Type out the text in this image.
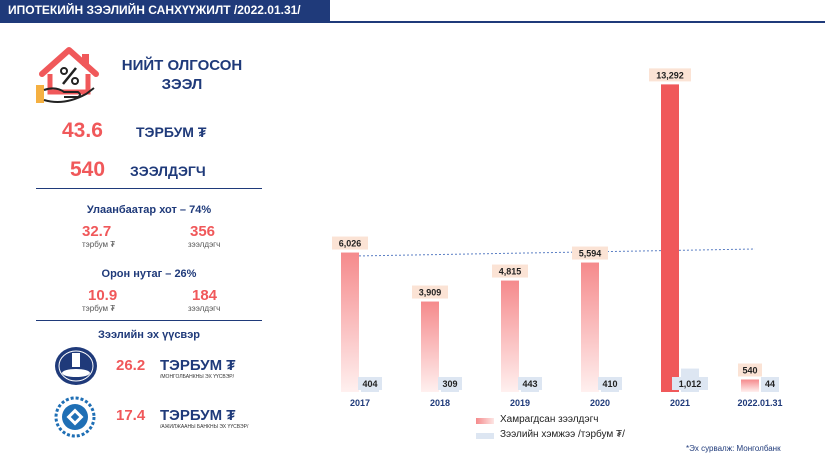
ИПОТЕКИЙН ЗЭЭЛИЙН САНХҮҮЖИЛТ /2022.01.31/
НИЙТ ОЛГОСОН
ЗЭЭЛ
43.6 ТЭРБУМ ₮
540 ЗЭЭЛДЭГЧ
Улаанбаатар хот – 74%
32.7
тэрбум ₮
356
зээлдэгч
Орон нутаг – 26%
10.9
тэрбум ₮
184
зээлдэгч
Зээлийн эх үүсвэр
26.2 ТЭРБУМ ₮
/МОНГОЛБАНКНЫ ЭХ ҮҮСВЭР/
17.4 ТЭРБУМ ₮
/АЖИЛЖААНЫ БАНКНЫ ЭХ ҮҮСВЭР/
6,026
404
2017
3,909
309
2018
4,815
443
2019
5,594
410
2020
13,292
1,012
2021
540
44
2022.01.31
Хамрагдсан зээлдэгч
Зээлийн хэмжээ /тэрбум ₮/
*Эх сурвалж: Монголбанк
